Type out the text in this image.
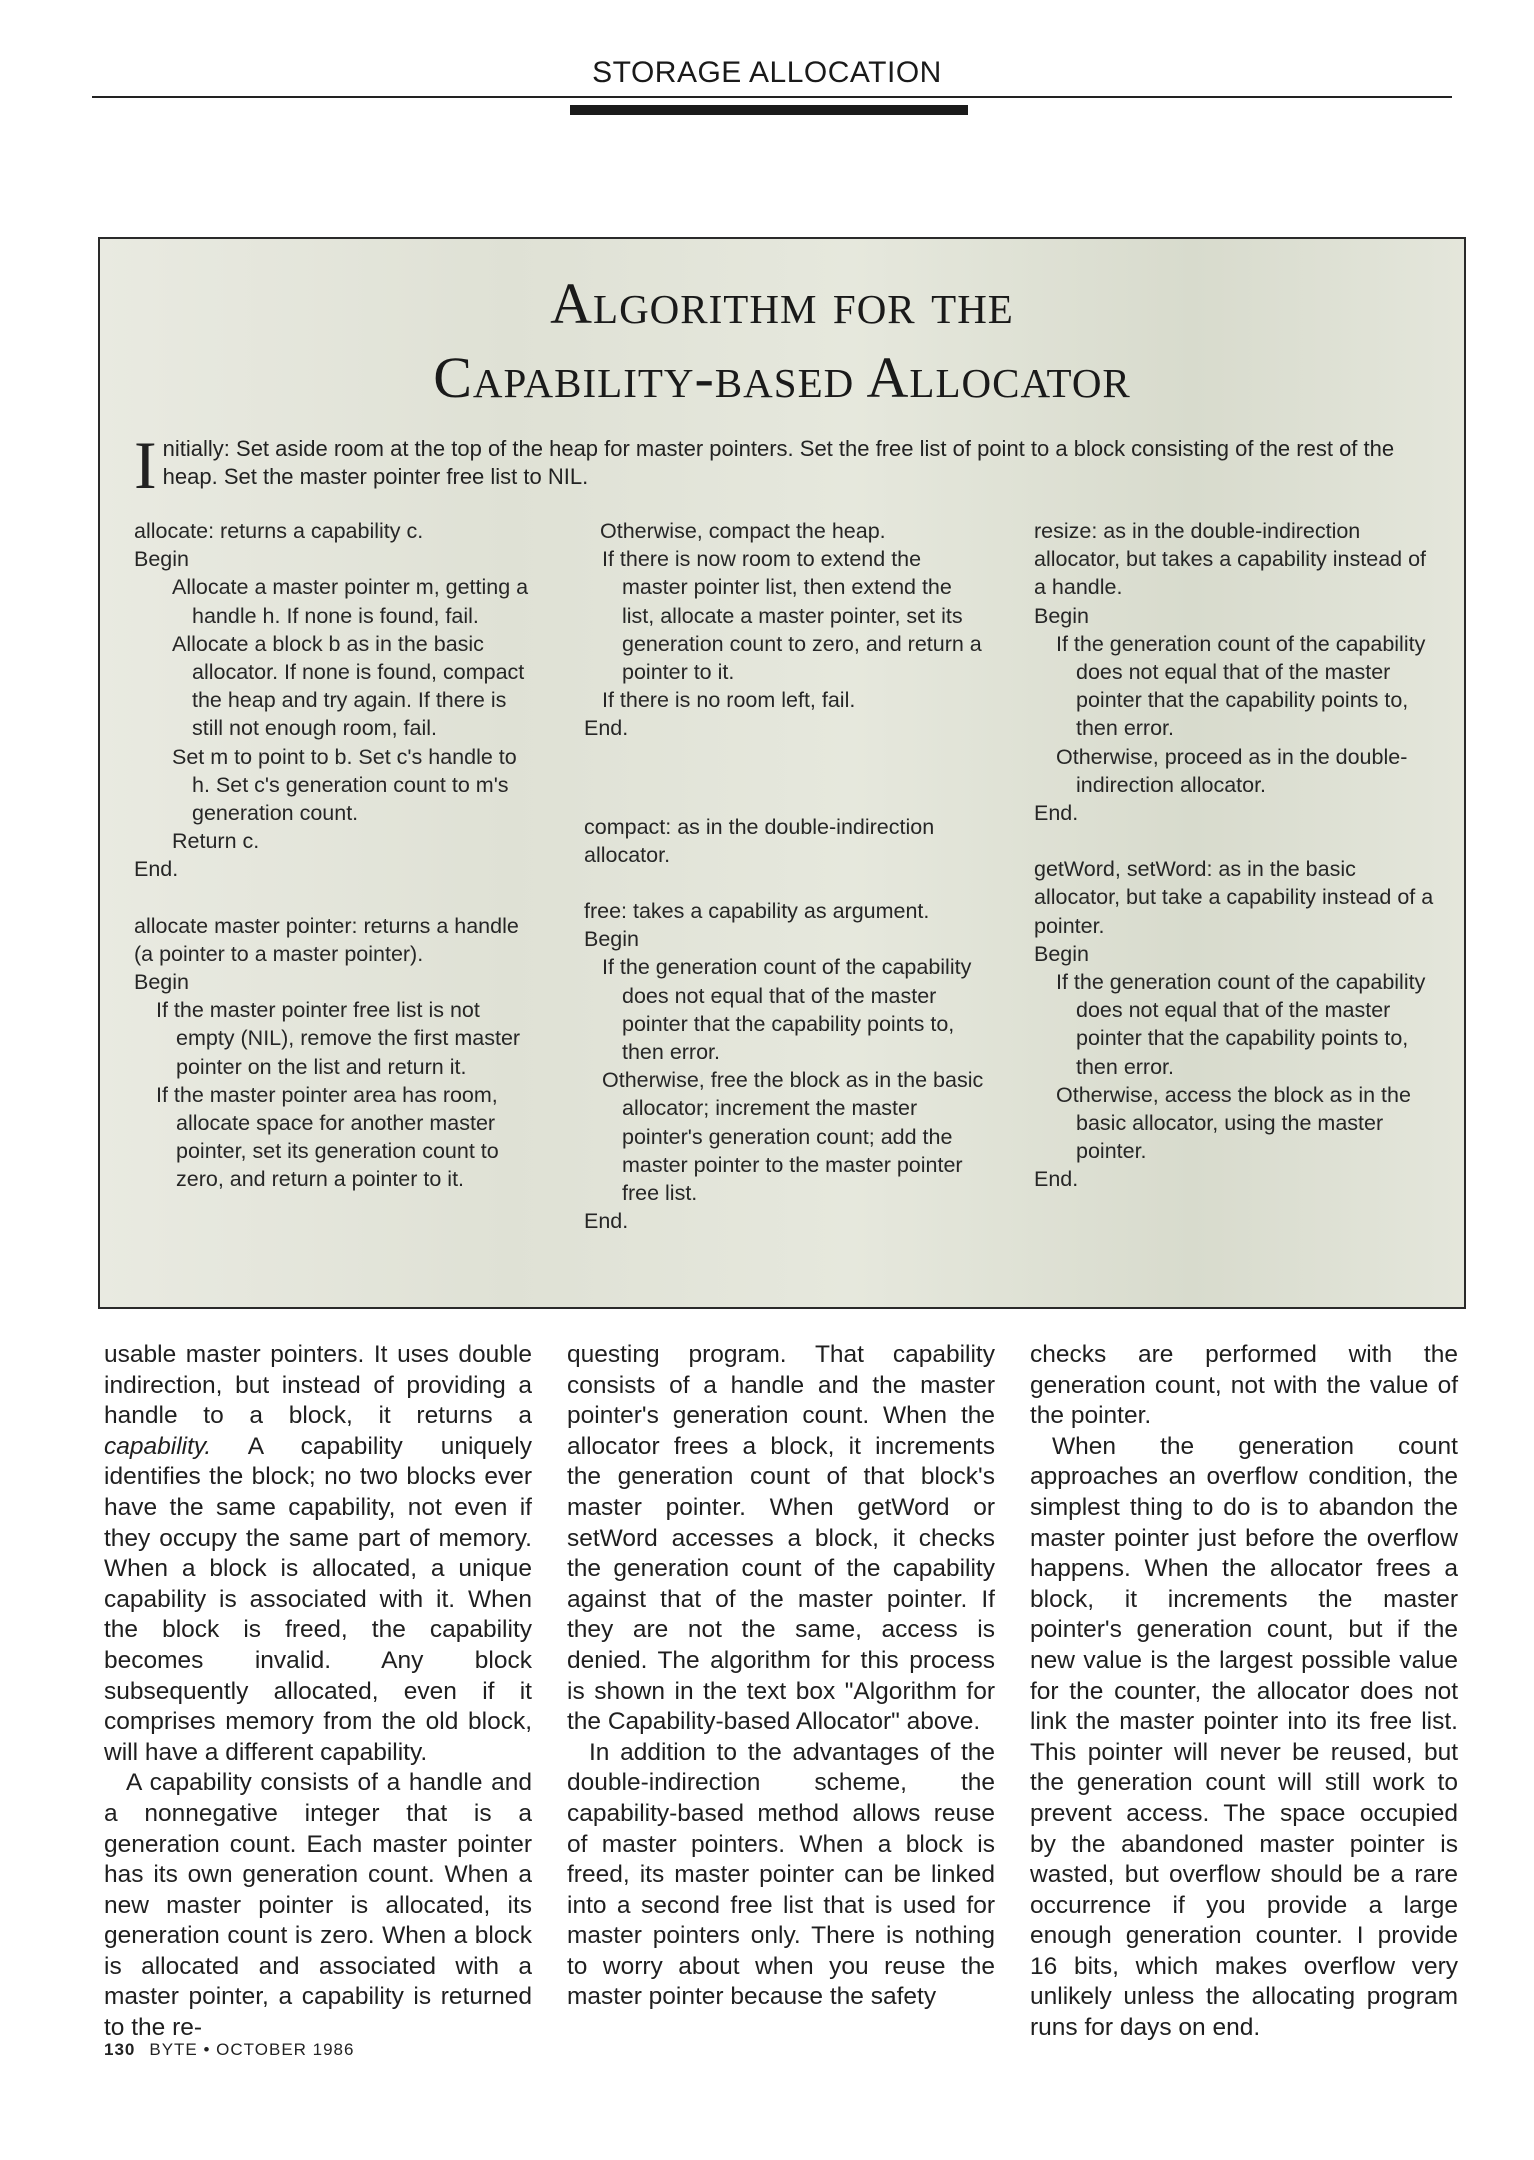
STORAGE ALLOCATION
Algorithm for the
Capability-based Allocator
Initially: Set aside room at the top of the heap for master pointers. Set the free list of point to a block consisting of the rest of the heap. Set the master pointer free list to NIL.

allocate: returns a capability c.

Begin

Allocate a master pointer m, getting a handle h. If none is found, fail.

Allocate a block b as in the basic allocator. If none is found, compact the heap and try again. If there is still not enough room, fail.

Set m to point to b. Set c's handle to h. Set c's generation count to m's generation count.

Return c.

End.

allocate master pointer: returns a handle (a pointer to a master pointer).

Begin

If the master pointer free list is not empty (NIL), remove the first master pointer on the list and return it.

If the master pointer area has room, allocate space for another master pointer, set its generation count to zero, and return a pointer to it.

Otherwise, compact the heap.

If there is now room to extend the master pointer list, then extend the list, allocate a master pointer, set its generation count to zero, and return a pointer to it.

If there is no room left, fail.

End.

compact: as in the double-indirection allocator.

free: takes a capability as argument.

Begin

If the generation count of the capability does not equal that of the master pointer that the capability points to, then error.

Otherwise, free the block as in the basic allocator; increment the master pointer's generation count; add the master pointer to the master pointer free list.

End.

resize: as in the double-indirection allocator, but takes a capability instead of a handle.

Begin

If the generation count of the capability does not equal that of the master pointer that the capability points to, then error.

Otherwise, proceed as in the double-indirection allocator.

End.

getWord, setWord: as in the basic allocator, but take a capability instead of a pointer.

Begin

If the generation count of the capability does not equal that of the master pointer that the capability points to, then error.

Otherwise, access the block as in the basic allocator, using the master pointer.

End.

usable master pointers. It uses double indirection, but instead of providing a handle to a block, it returns a capability. A capability uniquely identifies the block; no two blocks ever have the same capability, not even if they occupy the same part of memory. When a block is allocated, a unique capability is associated with it. When the block is freed, the capability becomes invalid. Any block subsequently allocated, even if it comprises memory from the old block, will have a different capability.

A capability consists of a handle and a nonnegative integer that is a generation count. Each master pointer has its own generation count. When a new master pointer is allocated, its generation count is zero. When a block is allocated and associated with a master pointer, a capability is returned to the re-

questing program. That capability consists of a handle and the master pointer's generation count. When the allocator frees a block, it increments the generation count of that block's master pointer. When getWord or setWord accesses a block, it checks the generation count of the capability against that of the master pointer. If they are not the same, access is denied. The algorithm for this process is shown in the text box "Algorithm for the Capability-based Allocator" above.

In addition to the advantages of the double-indirection scheme, the capability-based method allows reuse of master pointers. When a block is freed, its master pointer can be linked into a second free list that is used for master pointers only. There is nothing to worry about when you reuse the master pointer because the safety

checks are performed with the generation count, not with the value of the pointer.

When the generation count approaches an overflow condition, the simplest thing to do is to abandon the master pointer just before the overflow happens. When the allocator frees a block, it increments the master pointer's generation count, but if the new value is the largest possible value for the counter, the allocator does not link the master pointer into its free list. This pointer will never be reused, but the generation count will still work to prevent access. The space occupied by the abandoned master pointer is wasted, but overflow should be a rare occurrence if you provide a large enough generation counter. I provide 16 bits, which makes overflow very unlikely unless the allocating program runs for days on end.

130 BYTE • OCTOBER 1986
